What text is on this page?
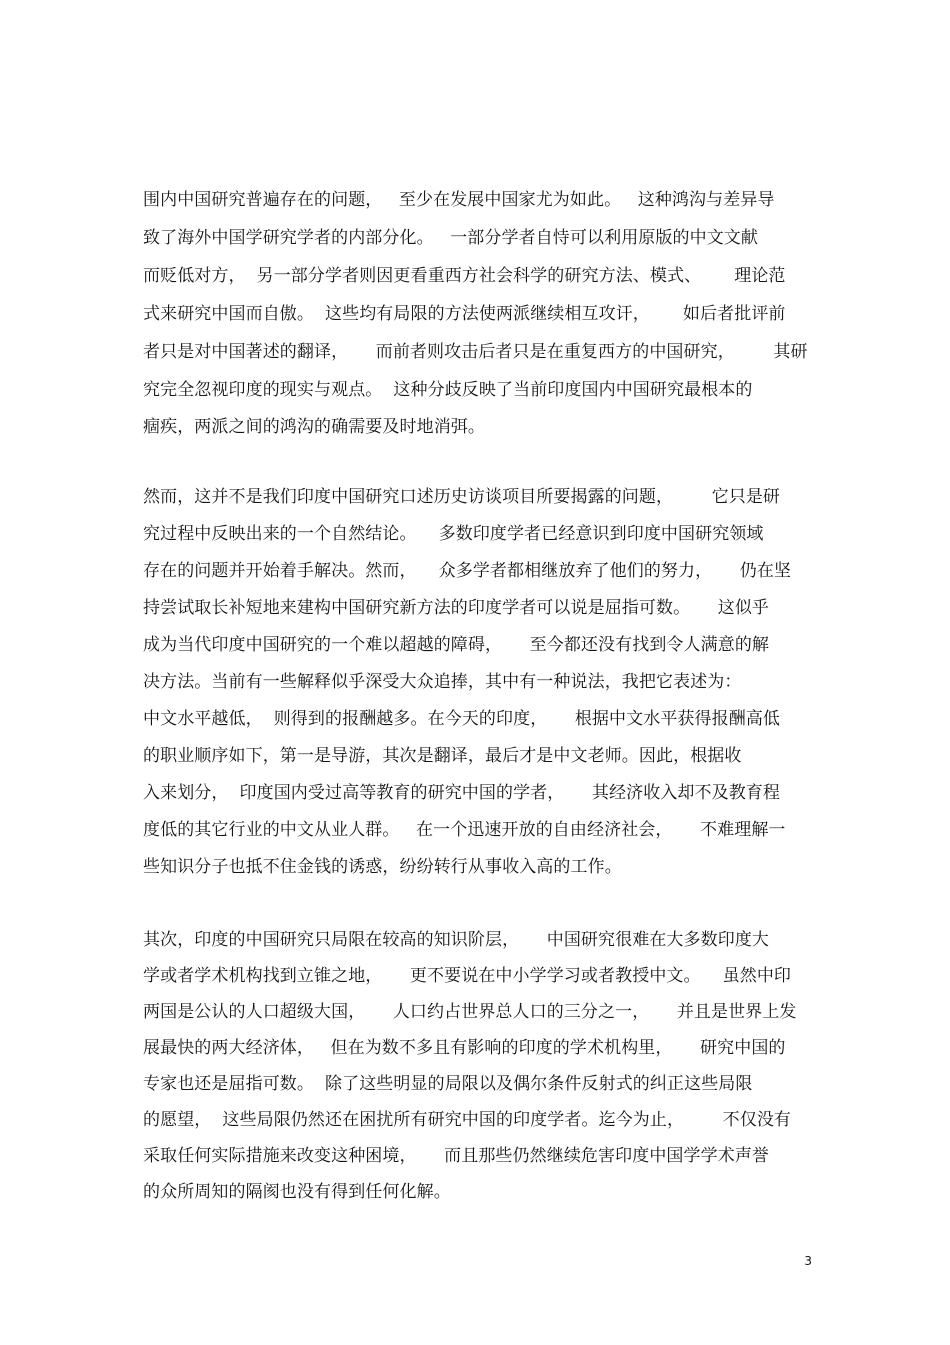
围内中国研究普遍存在的问题，   至少在发展中国家尤为如此。   这种鸿沟与差异导
致了海外中国学研究学者的内部分化。   一部分学者自恃可以利用原版的中文文献
而贬低对方，  另一部分学者则因更看重西方社会科学的研究方法、模式、      理论范
式来研究中国而自傲。  这些均有局限的方法使两派继续相互攻讦，      如后者批评前
者只是对中国著述的翻译，     而前者则攻击后者只是在重复西方的中国研究，       其研
究完全忽视印度的现实与观点。  这种分歧反映了当前印度国内中国研究最根本的
痼疾，两派之间的鸿沟的确需要及时地消弭。
然而，这并不是我们印度中国研究口述历史访谈项目所要揭露的问题，       它只是研
究过程中反映出来的一个自然结论。    多数印度学者已经意识到印度中国研究领域
存在的问题并开始着手解决。然而，    众多学者都相继放弃了他们的努力，     仍在坚
持尝试取长补短地来建构中国研究新方法的印度学者可以说是屈指可数。     这似乎
成为当代印度中国研究的一个难以超越的障碍，     至今都还没有找到令人满意的解
决方法。当前有一些解释似乎深受大众追捧，其中有一种说法，我把它表述为：
中文水平越低，  则得到的报酬越多。在今天的印度，     根据中文水平获得报酬高低
的职业顺序如下，第一是导游，其次是翻译，最后才是中文老师。因此，根据收
入来划分，  印度国内受过高等教育的研究中国的学者，     其经济收入却不及教育程
度低的其它行业的中文从业人群。   在一个迅速开放的自由经济社会，     不难理解一
些知识分子也抵不住金钱的诱惑，纷纷转行从事收入高的工作。
其次，印度的中国研究只局限在较高的知识阶层，     中国研究很难在大多数印度大
学或者学术机构找到立锥之地，     更不要说在中小学学习或者教授中文。    虽然中印
两国是公认的人口超级大国，     人口约占世界总人口的三分之一，     并且是世界上发
展最快的两大经济体，   但在为数不多且有影响的印度的学术机构里，     研究中国的
专家也还是屈指可数。  除了这些明显的局限以及偶尔条件反射式的纠正这些局限
的愿望，  这些局限仍然还在困扰所有研究中国的印度学者。迄今为止，       不仅没有
采取任何实际措施来改变这种困境，     而且那些仍然继续危害印度中国学学术声誉
的众所周知的隔阂也没有得到任何化解。
3
